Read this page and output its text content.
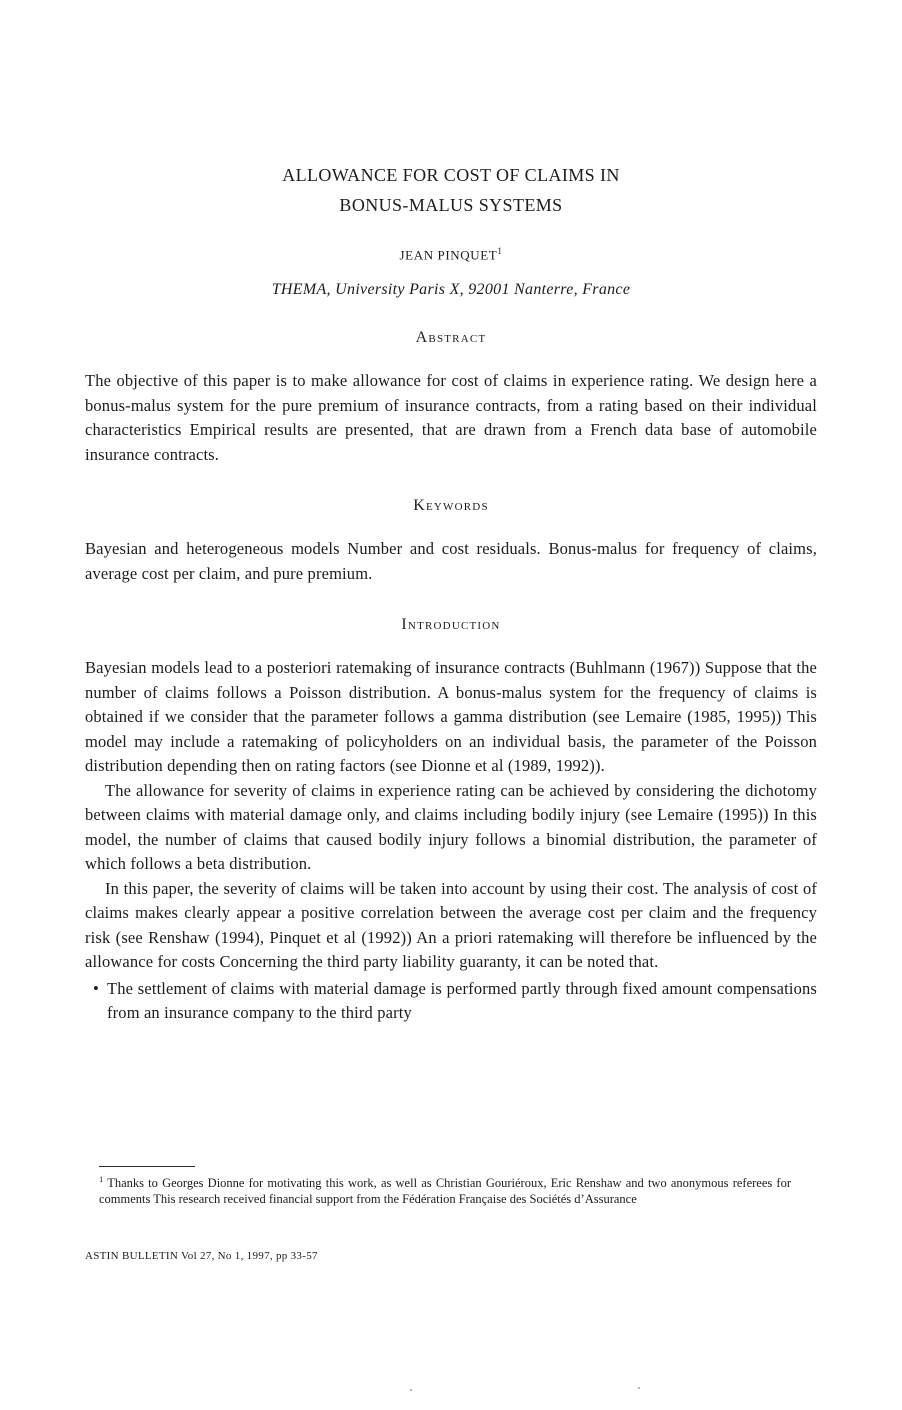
ALLOWANCE FOR COST OF CLAIMS IN
BONUS-MALUS SYSTEMS
JEAN PINQUET$^1$
THEMA, University Paris X, 92001 Nanterre, France
Abstract

The objective of this paper is to make allowance for cost of claims in experience rating. We design here a bonus-malus system for the pure premium of insurance contracts, from a rating based on their individual characteristics Empirical results are presented, that are drawn from a French data base of automobile insurance contracts.

Keywords

Bayesian and heterogeneous models Number and cost residuals. Bonus-malus for frequency of claims, average cost per claim, and pure premium.

Introduction

Bayesian models lead to a posteriori ratemaking of insurance contracts (Buhlmann (1967)) Suppose that the number of claims follows a Poisson distribution. A bonus-malus system for the frequency of claims is obtained if we consider that the parameter follows a gamma distribution (see Lemaire (1985, 1995)) This model may include a ratemaking of policyholders on an individual basis, the parameter of the Poisson distribution depending then on rating factors (see Dionne et al (1989, 1992)).

The allowance for severity of claims in experience rating can be achieved by considering the dichotomy between claims with material damage only, and claims including bodily injury (see Lemaire (1995)) In this model, the number of claims that caused bodily injury follows a binomial distribution, the parameter of which follows a beta distribution.

In this paper, the severity of claims will be taken into account by using their cost. The analysis of cost of claims makes clearly appear a positive correlation between the average cost per claim and the frequency risk (see Renshaw (1994), Pinquet et al (1992)) An a priori ratemaking will therefore be influenced by the allowance for costs Concerning the third party liability guaranty, it can be noted that.

• The settlement of claims with material damage is performed partly through fixed amount compensations from an insurance company to the third party
$^1$ Thanks to Georges Dionne for motivating this work, as well as Christian Gouriéroux, Eric Renshaw and two anonymous referees for comments This research received financial support from the Fédération Française des Sociétés d’Assurance
ASTIN BULLETIN Vol 27, No 1, 1997, pp 33-57
